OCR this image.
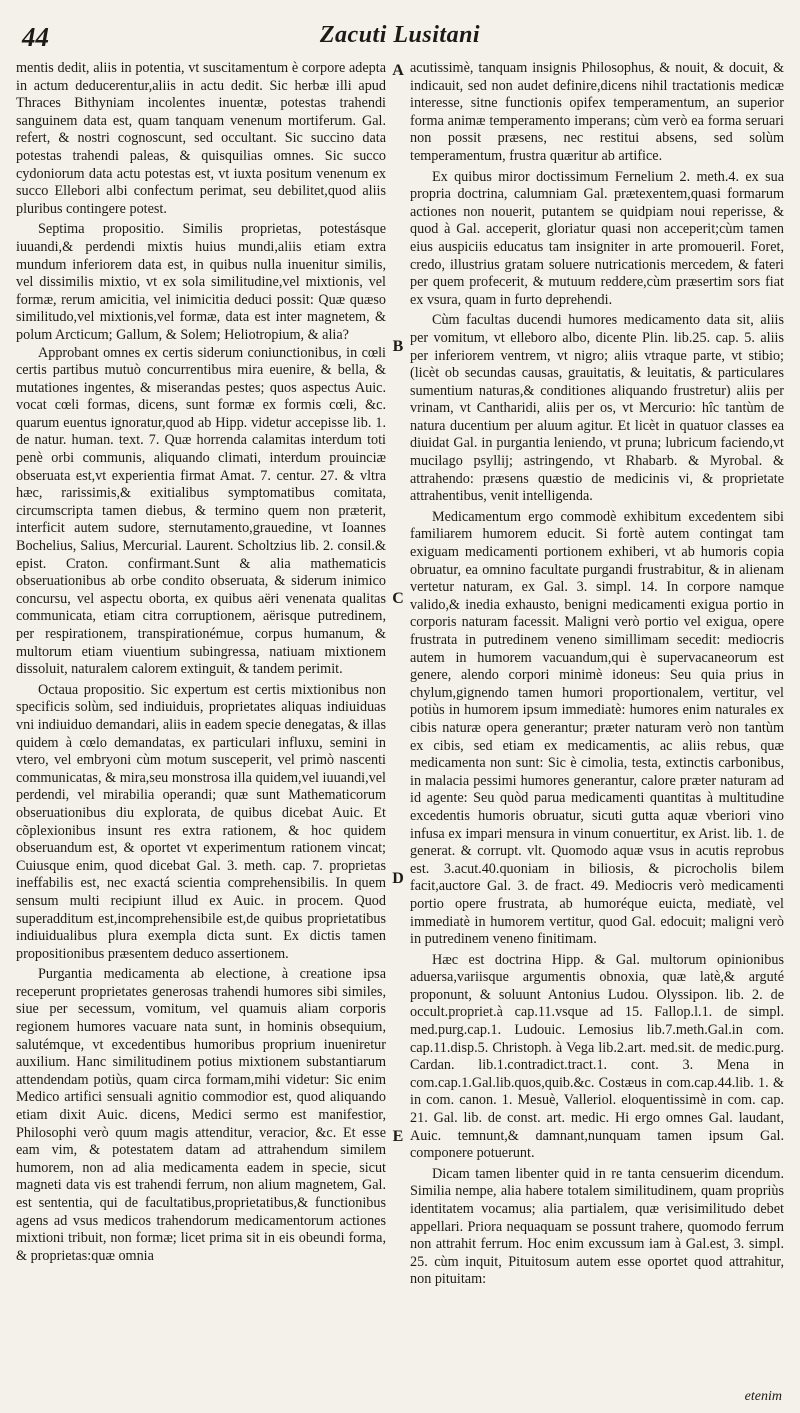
44	Zacuti Lusitani
A
B
C
D
E

mentis dedit, aliis in potentia, vt suscitamentum è corpore adepta in actum deducerentur,aliis in actu dedit. Sic herbæ illi apud Thraces Bithyniam incolentes inuentæ, potestas trahendi sanguinem data est, quam tanquam venenum mortiferum. Gal. refert, & nostri cognoscunt, sed occultant. Sic succino data potestas trahendi paleas, & quisquilias omnes. Sic succo cydoniorum data actu potestas est, vt iuxta positum venenum ex succo Ellebori albi confectum perimat, seu debilitet,quod aliis pluribus contingere potest.

Septima propositio. Similis proprietas, potestásque iuuandi,& perdendi mixtis huius mundi,aliis etiam extra mundum inferiorem data est, in quibus nulla inuenitur similis, vel dissimilis mixtio, vt ex sola similitudine,vel mixtionis, vel formæ, rerum amicitia, vel inimicitia deduci possit: Quæ quæso similitudo,vel mixtionis,vel formæ, data est inter magnetem, & polum Arcticum; Gallum, & Solem; Heliotropium, & alia?

Approbant omnes ex certis siderum coniunctionibus, in cœli certis partibus mutuò concurrentibus mira euenire, & bella, & mutationes ingentes, & miserandas pestes; quos aspectus Auic. vocat cœli formas, dicens, sunt formæ ex formis cœli, &c. quarum euentus ignoratur,quod ab Hipp. videtur accepisse lib. 1. de natur. human. text. 7. Quæ horrenda calamitas interdum toti penè orbi communis, aliquando climati, interdum prouinciæ obseruata est,vt experientia firmat Amat. 7. centur. 27. & vltra hæc, rarissimis,& exitialibus symptomatibus comitata, circumscripta tamen diebus, & termino quem non præterit, interficit autem sudore, sternutamento,grauedine, vt Ioannes Bochelius, Salius, Mercurial. Laurent. Scholtzius lib. 2. consil.& epist. Craton. confirmant.Sunt & alia mathematicis obseruationibus ab orbe condito obseruata, & siderum inimico concursu, vel aspectu oborta, ex quibus aëri venenata qualitas communicata, etiam citra corruptionem, aërisque putredinem, per respirationem, transpirationémue, corpus humanum, & multorum etiam viuentium subingressa, natiuam mixtionem dissoluit, naturalem calorem extinguit, & tandem perimit.

Octaua propositio. Sic expertum est certis mixtionibus non specificis solùm, sed indiuiduis, proprietates aliquas indiuiduas vni indiuiduo demandari, aliis in eadem specie denegatas, & illas quidem à cœlo demandatas, ex particulari influxu, semini in vtero, vel embryoni cùm motum susceperit, vel primò nascenti communicatas, & mira,seu monstrosa illa quidem,vel iuuandi,vel perdendi, vel mirabilia operandi; quæ sunt Mathematicorum obseruationibus diu explorata, de quibus dicebat Auic. Et cõplexionibus insunt res extra rationem, & hoc quidem obseruandum est, & oportet vt experimentum rationem vincat; Cuiusque enim, quod dicebat Gal. 3. meth. cap. 7. proprietas ineffabilis est, nec exactá scientia comprehensibilis. In quem sensum multi recipiunt illud ex Auic. in procem. Quod superadditum est,incomprehensibile est,de quibus proprietatibus indiuidualibus plura exempla dicta sunt. Ex dictis tamen propositionibus præsentem deduco assertionem.

Purgantia medicamenta ab electione, à creatione ipsa receperunt proprietates generosas trahendi humores sibi similes, siue per secessum, vomitum, vel quamuis aliam corporis regionem humores vacuare nata sunt, in hominis obsequium, salutémque, vt excedentibus humoribus proprium inueniretur auxilium. Hanc similitudinem potius mixtionem substantiarum attendendam potiùs, quam circa formam,mihi videtur: Sic enim Medico artifici sensuali agnitio commodior est, quod aliquando etiam dixit Auic. dicens, Medici sermo est manifestior, Philosophi verò quum magis attenditur, veracior, &c. Et esse eam vim, & potestatem datam ad attrahendum similem humorem, non ad alia medicamenta eadem in specie, sicut magneti data vis est trahendi ferrum, non alium magnetem, Gal. est sententia, qui de facultatibus,proprietatibus,& functionibus agens ad vsus medicos trahendorum medicamentorum actiones mixtioni tribuit, non formæ; licet prima sit in eis obeundi forma, & proprietas:quæ omnia

acutissimè, tanquam insignis Philosophus, & nouit, & docuit, & indicauit, sed non audet definire,dicens nihil tractationis medicæ interesse, sitne functionis opifex temperamentum, an superior forma animæ temperamento imperans; cùm verò ea forma seruari non possit præsens, nec restitui absens, sed solùm temperamentum, frustra quæritur ab artifice.

Ex quibus miror doctissimum Fernelium 2. meth.4. ex sua propria doctrina, calumniam Gal. prætexentem,quasi formarum actiones non nouerit, putantem se quidpiam noui reperisse, & quod à Gal. acceperit, gloriatur quasi non acceperit;cùm tamen eius auspiciis educatus tam insigniter in arte promoueril. Foret, credo, illustrius gratam soluere nutricationis mercedem, & fateri per quem profecerit, & mutuum reddere,cùm præsertim sors fiat ex vsura, quam in furto deprehendi.

Cùm facultas ducendi humores medicamento data sit, aliis per vomitum, vt elleboro albo, dicente Plin. lib.25. cap. 5. aliis per inferiorem ventrem, vt nigro; aliis vtraque parte, vt stibio; (licèt ob secundas causas, grauitatis, & leuitatis, & particulares sumentium naturas,& conditiones aliquando frustretur) aliis per vrinam, vt Cantharidi, aliis per os, vt Mercurio: hîc tantùm de natura ducentium per aluum agitur. Et licèt in quatuor classes ea diuidat Gal. in purgantia leniendo, vt pruna; lubricum faciendo,vt mucilago psyllij; astringendo, vt Rhabarb. & Myrobal. & attrahendo: præsens quæstio de medicinis vi, & proprietate attrahentibus, venit intelligenda.

Medicamentum ergo commodè exhibitum excedentem sibi familiarem humorem educit. Si fortè autem contingat tam exiguam medicamenti portionem exhiberi, vt ab humoris copia obruatur, ea omnino facultate purgandi frustrabitur, & in alienam vertetur naturam, ex Gal. 3. simpl. 14. In corpore namque valido,& inedia exhausto, benigni medicamenti exigua portio in corporis naturam facessit. Maligni verò portio vel exigua, opere frustrata in putredinem veneno simillimam secedit: mediocris autem in humorem vacuandum,qui è supervacaneorum est genere, alendo corpori minimè idoneus: Seu quia prius in chylum,gignendo tamen humori proportionalem, vertitur, vel potiùs in humorem ipsum immediatè: humores enim naturales ex cibis naturæ opera generantur; præter naturam verò non tantùm ex cibis, sed etiam ex medicamentis, ac aliis rebus, quæ medicamenta non sunt: Sic è cimolia, testa, extinctis carbonibus, in malacia pessimi humores generantur, calore præter naturam ad id agente: Seu quòd parua medicamenti quantitas à multitudine excedentis humoris obruatur, sicuti gutta aquæ vberiori vino infusa ex impari mensura in vinum conuertitur, ex Arist. lib. 1. de generat. & corrupt. vlt. Quomodo aquæ vsus in acutis reprobus est. 3.acut.40.quoniam in biliosis, & picrocholis bilem facit,auctore Gal. 3. de fract. 49. Mediocris verò medicamenti portio opere frustrata, ab humoréque euicta, mediatè, vel immediatè in humorem vertitur, quod Gal. edocuit; maligni verò in putredinem veneno finitimam.

Hæc est doctrina Hipp. & Gal. multorum opinionibus aduersa,variisque argumentis obnoxia, quæ latè,& arguté proponunt, & soluunt Antonius Ludou. Olyssipon. lib. 2. de occult.propriet.à cap.11.vsque ad 15. Fallop.l.1. de simpl. med.purg.cap.1. Ludouic. Lemosius lib.7.meth.Gal.in com. cap.11.disp.5. Christoph. à Vega lib.2.art. med.sit. de medic.purg. Cardan. lib.1.contradict.tract.1. cont. 3. Mena in com.cap.1.Gal.lib.quos,quib.&c. Costæus in com.cap.44.lib. 1. & in com. canon. 1. Mesuè, Valleriol. eloquentissimè in com. cap. 21. Gal. lib. de const. art. medic. Hi ergo omnes Gal. laudant, Auic. temnunt,& damnant,nunquam tamen ipsum Gal. componere potuerunt.

Dicam tamen libenter quid in re tanta censuerim dicendum. Similia nempe, alia habere totalem similitudinem, quam propriùs identitatem vocamus; alia partialem, quæ verisimilitudo debet appellari. Priora nequaquam se possunt trahere, quomodo ferrum non attrahit ferrum. Hoc enim excussum iam à Gal.est, 3. simpl. 25. cùm inquit, Pituitosum autem esse oportet quod attrahitur, non pituitam:

etenim
